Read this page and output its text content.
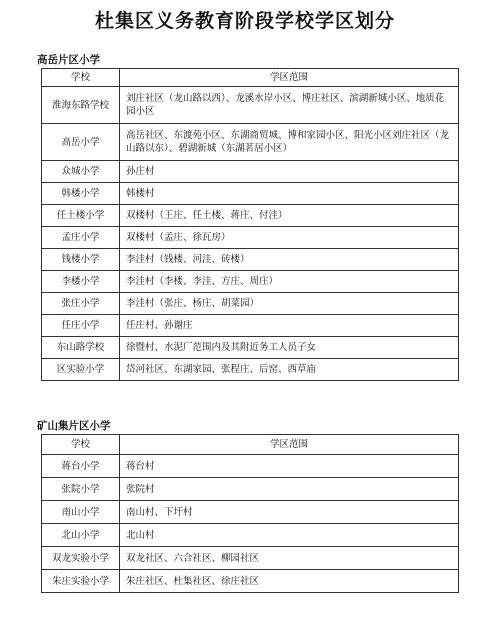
杜集区义务教育阶段学校学区划分
高岳片区小学
学校	学区范围
淮海东路学校	刘庄社区（龙山路以西）、龙溪水岸小区、博庄社区、滨湖新城小区、地质花园小区
高岳小学	高岳社区、东渡苑小区、东湖商贸城、博和家园小区、阳光小区刘庄社区（龙山路以东）、碧湖新城（东湖茗居小区）
众城小学	孙庄村
韩楼小学	韩楼村
任土楼小学	双楼村（王庄、任土楼、蒋庄、付洼）
孟庄小学	双楼村（孟庄、徐瓦房）
钱楼小学	李洼村（钱楼、河洼、砖楼）
李楼小学	李洼村（李楼、李洼、方庄、周庄）
张庄小学	李洼村（张庄、杨庄、胡菜园）
任庄小学	任庄村、孙谢庄
东山路学校	徐暨村、水泥厂范围内及其附近务工人员子女
区实验小学	岱河社区、东湖家园、张程庄、后窑、西草庙
矿山集片区小学
学校	学区范围
蒋台小学	蒋台村
张院小学	张院村
南山小学	南山村、下圩村
北山小学	北山村
双龙实验小学	双龙社区、六合社区、柳园社区
朱庄实验小学	朱庄社区、杜集社区、徐庄社区
